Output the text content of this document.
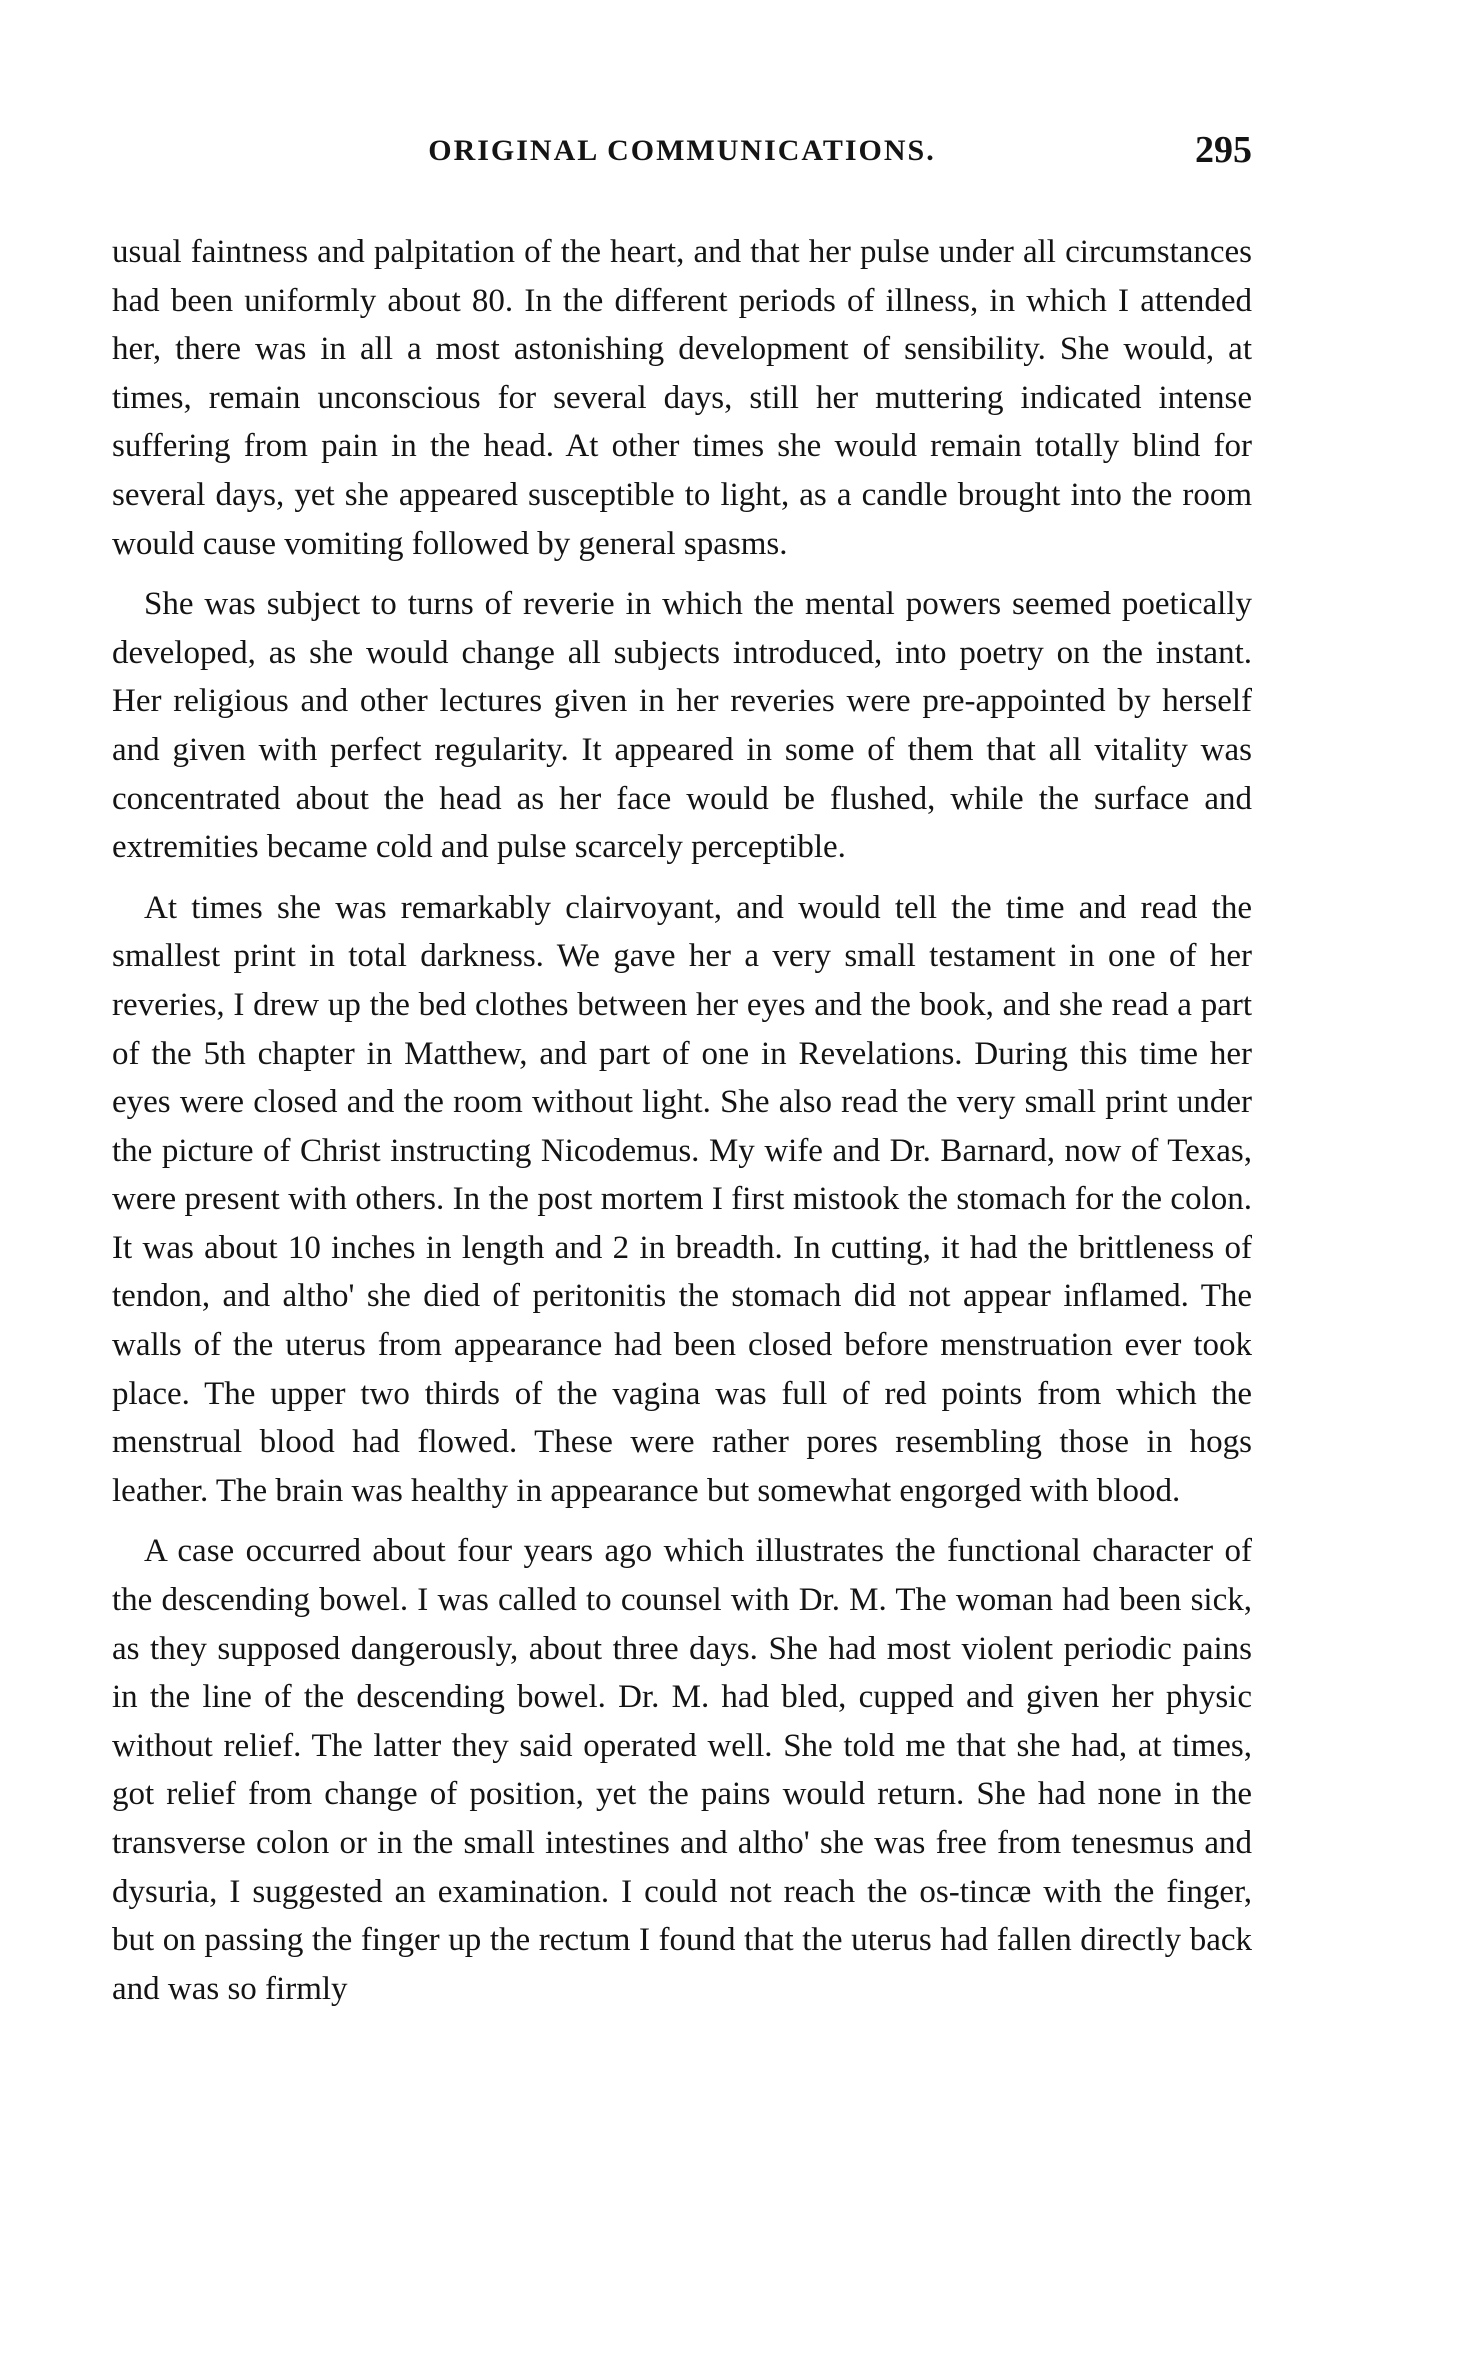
ORIGINAL COMMUNICATIONS.	295

usual faintness and palpitation of the heart, and that her pulse under all circumstances had been uniformly about 80. In the different periods of illness, in which I attended her, there was in all a most astonishing development of sensibility. She would, at times, remain unconscious for several days, still her muttering indicated intense suffering from pain in the head. At other times she would remain totally blind for several days, yet she appeared susceptible to light, as a candle brought into the room would cause vomiting followed by general spasms.

She was subject to turns of reverie in which the mental powers seemed poetically developed, as she would change all subjects introduced, into poetry on the instant. Her religious and other lectures given in her reveries were pre-appointed by herself and given with perfect regularity. It appeared in some of them that all vitality was concentrated about the head as her face would be flushed, while the surface and extremities became cold and pulse scarcely perceptible.

At times she was remarkably clairvoyant, and would tell the time and read the smallest print in total darkness. We gave her a very small testament in one of her reveries, I drew up the bed clothes between her eyes and the book, and she read a part of the 5th chapter in Matthew, and part of one in Revelations. During this time her eyes were closed and the room without light. She also read the very small print under the picture of Christ instructing Nicodemus. My wife and Dr. Barnard, now of Texas, were present with others. In the post mortem I first mistook the stomach for the colon. It was about 10 inches in length and 2 in breadth. In cutting, it had the brittleness of tendon, and altho' she died of peritonitis the stomach did not appear inflamed. The walls of the uterus from appearance had been closed before menstruation ever took place. The upper two thirds of the vagina was full of red points from which the menstrual blood had flowed. These were rather pores resembling those in hogs leather. The brain was healthy in appearance but somewhat engorged with blood.

A case occurred about four years ago which illustrates the functional character of the descending bowel. I was called to counsel with Dr. M. The woman had been sick, as they supposed dangerously, about three days. She had most violent periodic pains in the line of the descending bowel. Dr. M. had bled, cupped and given her physic without relief. The latter they said operated well. She told me that she had, at times, got relief from change of position, yet the pains would return. She had none in the transverse colon or in the small intestines and altho' she was free from tenesmus and dysuria, I suggested an examination. I could not reach the os-tincæ with the finger, but on passing the finger up the rectum I found that the uterus had fallen directly back and was so firmly
